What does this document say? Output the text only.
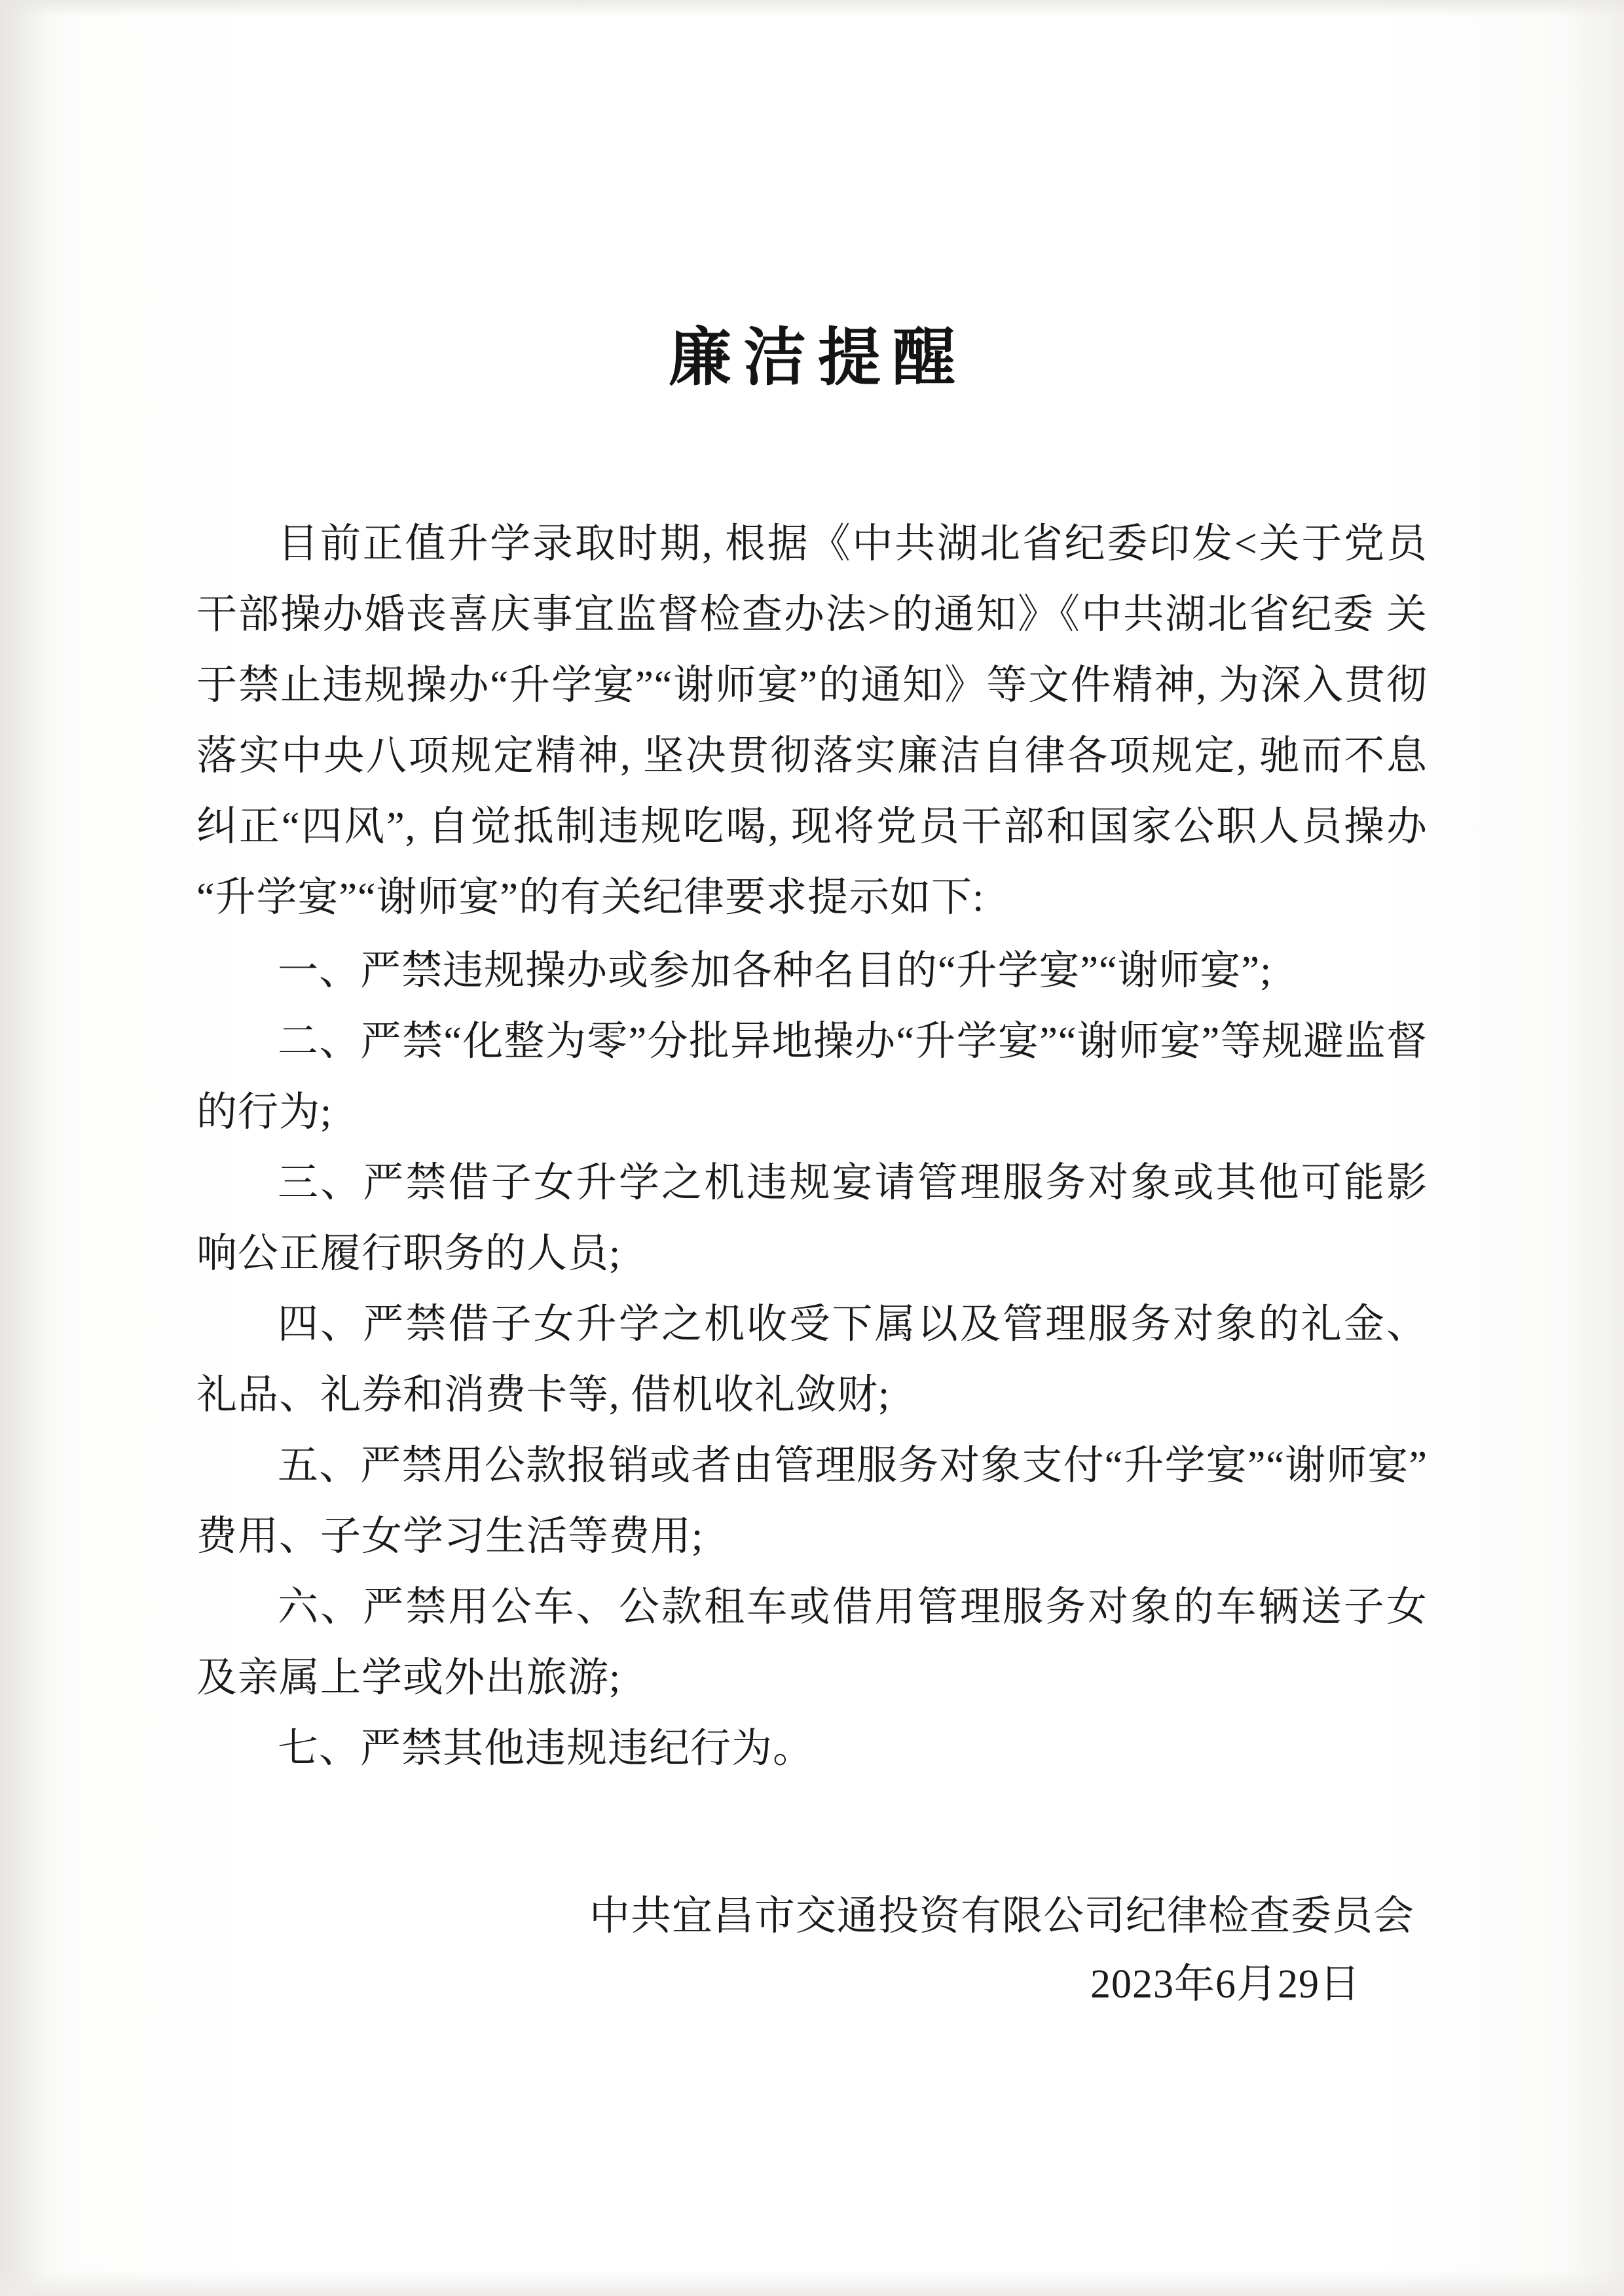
廉洁提醒

目前正值升学录取时期, 根据《中共湖北省纪委印发<关于党员干部操办婚丧喜庆事宜监督检查办法>的通知》《中共湖北省纪委 关于禁止违规操办“升学宴”“谢师宴”的通知》等文件精神, 为深入贯彻落实中央八项规定精神, 坚决贯彻落实廉洁自律各项规定, 驰而不息纠正“四风”, 自觉抵制违规吃喝, 现将党员干部和国家公职人员操办“升学宴”“谢师宴”的有关纪律要求提示如下:

一、严禁违规操办或参加各种名目的“升学宴”“谢师宴”;

二、严禁“化整为零”分批异地操办“升学宴”“谢师宴”等规避监督的行为;

三、严禁借子女升学之机违规宴请管理服务对象或其他可能影响公正履行职务的人员;

四、严禁借子女升学之机收受下属以及管理服务对象的礼金、礼品、礼券和消费卡等, 借机收礼敛财;

五、严禁用公款报销或者由管理服务对象支付“升学宴”“谢师宴”费用、子女学习生活等费用;

六、严禁用公车、公款租车或借用管理服务对象的车辆送子女及亲属上学或外出旅游;

七、严禁其他违规违纪行为。

中共宜昌市交通投资有限公司纪律检查委员会
2023年6月29日
